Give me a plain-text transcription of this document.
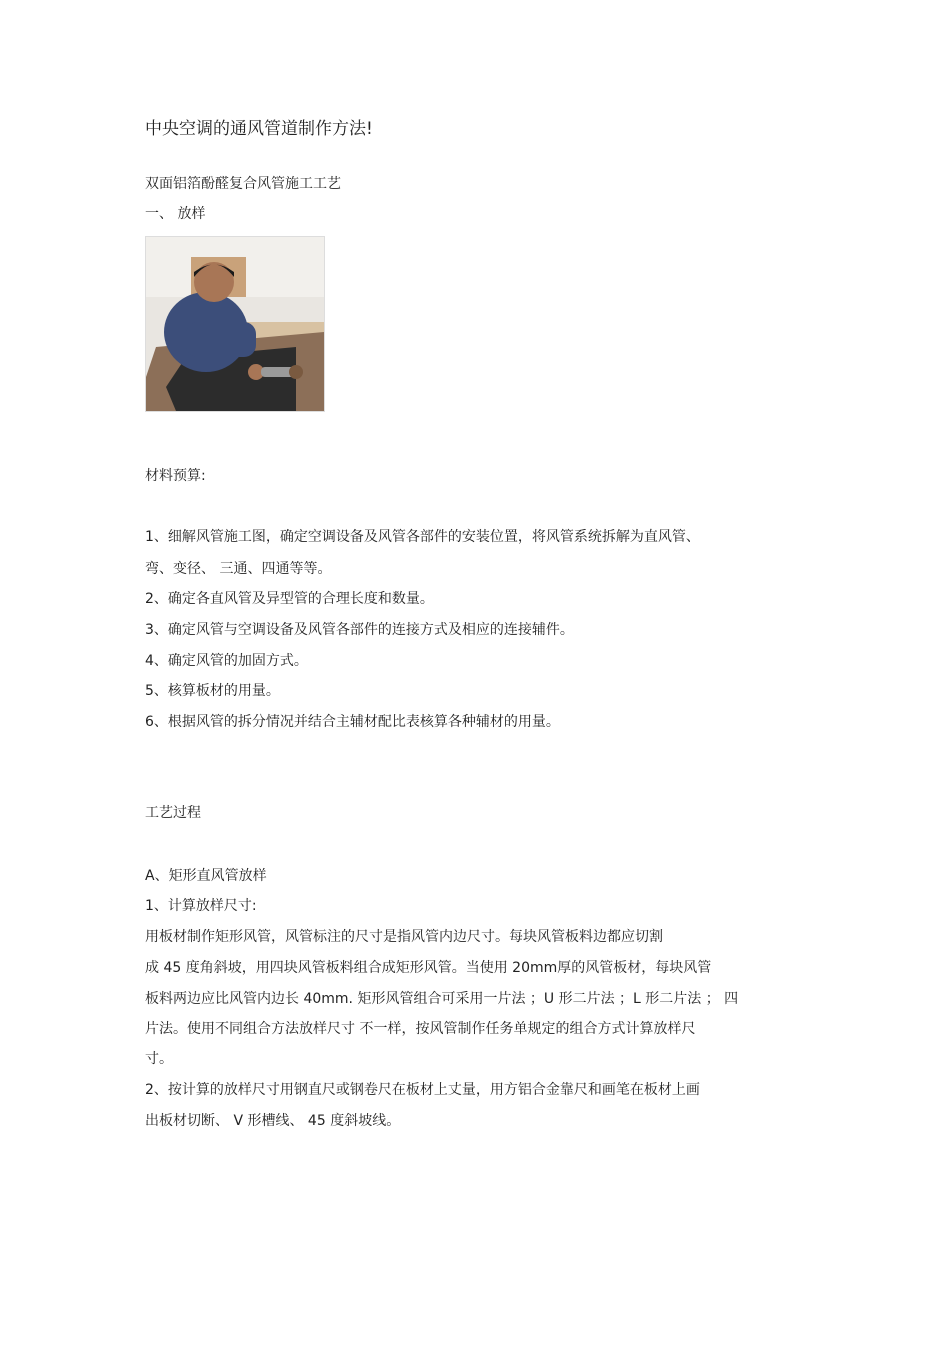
中央空调的通风管道制作方法!
双面铝箔酚醛复合风管施工工艺
一、 放样
材料预算:
1、细解风管施工图，确定空调设备及风管各部件的安装位置，将风管系统拆解为直风管、
弯、变径、 三通、四通等等。
2、确定各直风管及异型管的合理长度和数量。
3、确定风管与空调设备及风管各部件的连接方式及相应的连接辅件。
4、确定风管的加固方式。
5、核算板材的用量。
6、根据风管的拆分情况并结合主辅材配比表核算各种辅材的用量。
工艺过程
A、矩形直风管放样
1、计算放样尺寸:
用板材制作矩形风管，风管标注的尺寸是指风管内边尺寸。每块风管板料边都应切割
成 45 度角斜坡，用四块风管板料组合成矩形风管。当使用 20mm厚的风管板材，每块风管
板料两边应比风管内边长 40mm. 矩形风管组合可采用一片法 ；U 形二片法 ；L 形二片法 ； 四
片法。使用不同组合方法放样尺寸 不一样，按风管制作任务单规定的组合方式计算放样尺
寸。
2、按计算的放样尺寸用钢直尺或钢卷尺在板材上丈量，用方铝合金靠尺和画笔在板材上画
出板材切断、 V 形槽线、 45 度斜坡线。
